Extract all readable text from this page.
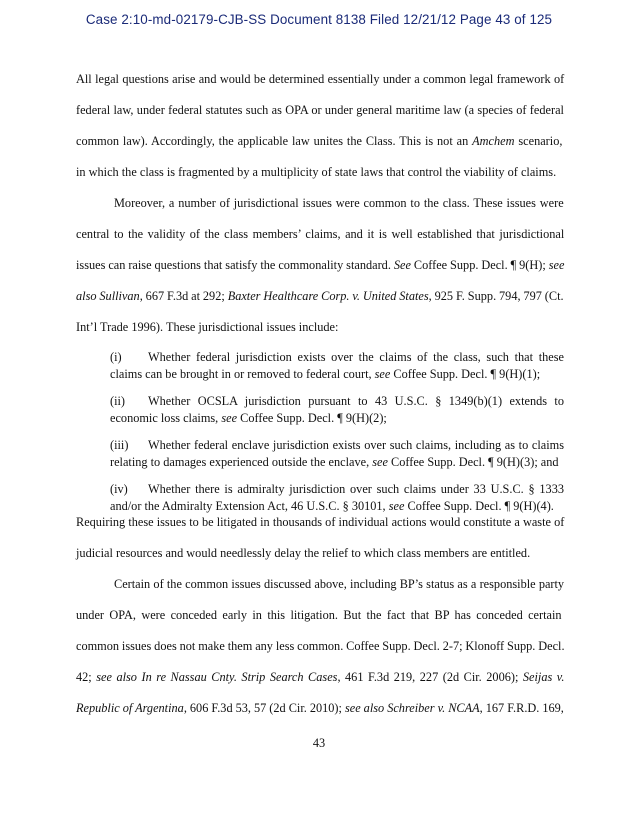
Case 2:10-md-02179-CJB-SS Document 8138 Filed 12/21/12 Page 43 of 125
All legal questions arise and would be determined essentially under a common legal framework of
federal law, under federal statutes such as OPA or under general maritime law (a species of federal
common law). Accordingly, the applicable law unites the Class. This is not an Amchem scenario,
in which the class is fragmented by a multiplicity of state laws that control the viability of claims.
Moreover, a number of jurisdictional issues were common to the class. These issues were
central to the validity of the class members’ claims, and it is well established that jurisdictional
issues can raise questions that satisfy the commonality standard. See Coffee Supp. Decl. ¶ 9(H); see
also Sullivan, 667 F.3d at 292; Baxter Healthcare Corp. v. United States, 925 F. Supp. 794, 797 (Ct.
Int’l Trade 1996). These jurisdictional issues include:
(i) Whether federal jurisdiction exists over the claims of the class, such that these claims can be brought in or removed to federal court, see Coffee Supp. Decl. ¶ 9(H)(1);
(ii) Whether OCSLA jurisdiction pursuant to 43 U.S.C. § 1349(b)(1) extends to economic loss claims, see Coffee Supp. Decl. ¶ 9(H)(2);
(iii) Whether federal enclave jurisdiction exists over such claims, including as to claims relating to damages experienced outside the enclave, see Coffee Supp. Decl. ¶ 9(H)(3); and
(iv) Whether there is admiralty jurisdiction over such claims under 33 U.S.C. § 1333 and/or the Admiralty Extension Act, 46 U.S.C. § 30101, see Coffee Supp. Decl. ¶ 9(H)(4).
Requiring these issues to be litigated in thousands of individual actions would constitute a waste of
judicial resources and would needlessly delay the relief to which class members are entitled.
Certain of the common issues discussed above, including BP’s status as a responsible party
under OPA, were conceded early in this litigation. But the fact that BP has conceded certain
common issues does not make them any less common. Coffee Supp. Decl. 2-7; Klonoff Supp. Decl.
42; see also In re Nassau Cnty. Strip Search Cases, 461 F.3d 219, 227 (2d Cir. 2006); Seijas v.
Republic of Argentina, 606 F.3d 53, 57 (2d Cir. 2010); see also Schreiber v. NCAA, 167 F.R.D. 169,
43
